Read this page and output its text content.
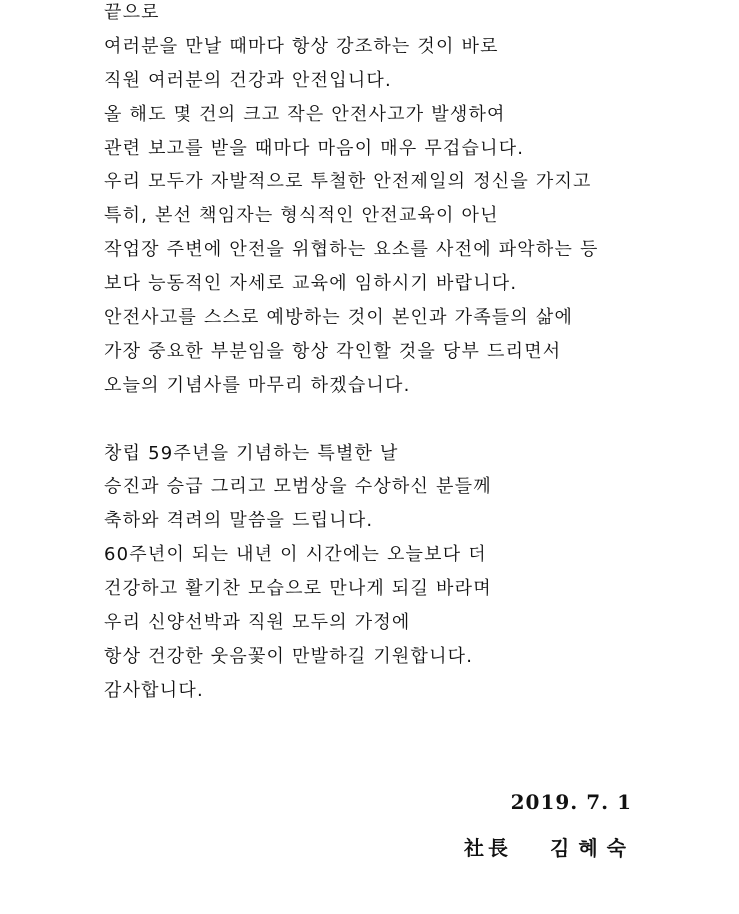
끝으로
여러분을 만날 때마다 항상 강조하는 것이 바로
직원 여러분의 건강과 안전입니다.
올 해도 몇 건의 크고 작은 안전사고가 발생하여
관련 보고를 받을 때마다 마음이 매우 무겁습니다.
우리 모두가 자발적으로 투철한 안전제일의 정신을 가지고
특히, 본선 책임자는 형식적인 안전교육이 아닌
작업장 주변에 안전을 위협하는 요소를 사전에 파악하는 등
보다 능동적인 자세로 교육에 임하시기 바랍니다.
안전사고를 스스로 예방하는 것이 본인과 가족들의 삶에
가장 중요한 부분임을 항상 각인할 것을 당부 드리면서
오늘의 기념사를 마무리 하겠습니다.
창립 59주년을 기념하는 특별한 날
승진과 승급 그리고 모범상을 수상하신 분들께
축하와 격려의 말씀을 드립니다.
60주년이 되는 내년 이 시간에는 오늘보다 더
건강하고 활기찬 모습으로 만나게 되길 바라며
우리 신양선박과 직원 모두의 가정에
항상 건강한 웃음꽃이 만발하길 기원합니다.
감사합니다.
2019. 7. 1
社長 김혜숙
